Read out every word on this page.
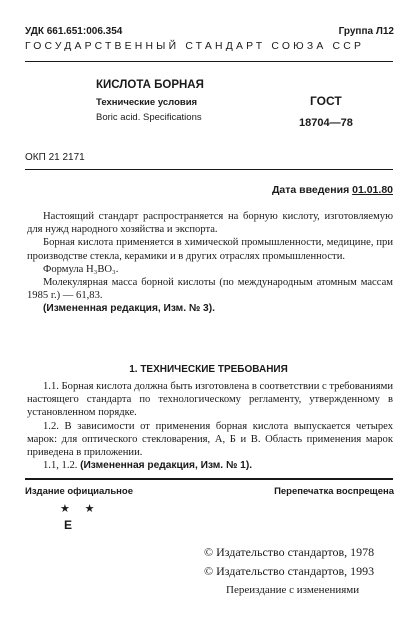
УДК 661.651:006.354	Группа Л12
ГОСУДАРСТВЕННЫЙ СТАНДАРТ СОЮЗА ССР
КИСЛОТА БОРНАЯ
Технические условия
Boric acid. Specifications
ГОСТ
18704—78
ОКП 21 2171
Дата введения 01.01.80

Настоящий стандарт распространяется на борную кислоту, изготовляемую для нужд народного хозяйства и экспорта.

Борная кислота применяется в химической промышленности, медицине, при производстве стекла, керамики и в других отраслях промышленности.

Формула H₃BO₃.

Молекулярная масса борной кислоты (по международным атомным массам 1985 г.) — 61,83.

(Измененная редакция, Изм. № 3).

1. ТЕХНИЧЕСКИЕ ТРЕБОВАНИЯ

1.1. Борная кислота должна быть изготовлена в соответствии с требованиями настоящего стандарта по технологическому регламенту, утвержденному в установленном порядке.

1.2. В зависимости от применения борная кислота выпускается четырех марок: для оптического стекловарения, А, Б и В. Область применения марок приведена в приложении.

1.1, 1.2. (Измененная редакция, Изм. № 1).

Издание официальное	Перепечатка воспрещена
★ ★
E
© Издательство стандартов, 1978
© Издательство стандартов, 1993
Переиздание с изменениями
